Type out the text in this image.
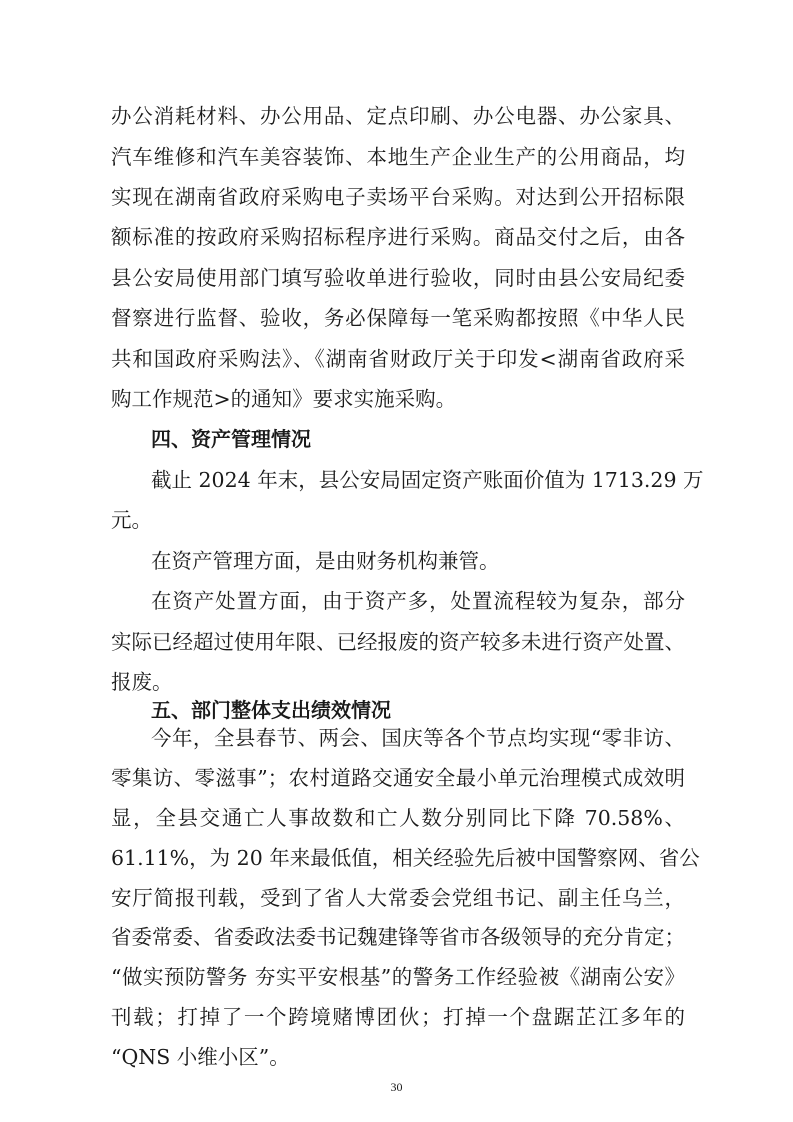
办公消耗材料、办公用品、定点印刷、办公电器、办公家具、
汽车维修和汽车美容装饰、本地生产企业生产的公用商品，均
实现在湖南省政府采购电子卖场平台采购。对达到公开招标限
额标准的按政府采购招标程序进行采购。商品交付之后，由各
县公安局使用部门填写验收单进行验收，同时由县公安局纪委
督察进行监督、验收，务必保障每一笔采购都按照《中华人民
共和国政府采购法》、《湖南省财政厅关于印发<湖南省政府采
购工作规范>的通知》要求实施采购。
四、资产管理情况
截止 2024 年末，县公安局固定资产账面价值为 1713.29 万
元。
在资产管理方面，是由财务机构兼管。
在资产处置方面，由于资产多，处置流程较为复杂，部分
实际已经超过使用年限、已经报废的资产较多未进行资产处置、
报废。
五、部门整体支出绩效情况
今年，全县春节、两会、国庆等各个节点均实现“零非访、
零集访、零滋事”；农村道路交通安全最小单元治理模式成效明
显，全县交通亡人事故数和亡人数分别同比下降 70.58%、
61.11%，为 20 年来最低值，相关经验先后被中国警察网、省公
安厅简报刊载，受到了省人大常委会党组书记、副主任乌兰，
省委常委、省委政法委书记魏建锋等省市各级领导的充分肯定；
“做实预防警务 夯实平安根基”的警务工作经验被《湖南公安》
30
刊载；打掉了一个跨境赌博团伙；打掉一个盘踞芷江多年的
“QNS 小维小区”。
